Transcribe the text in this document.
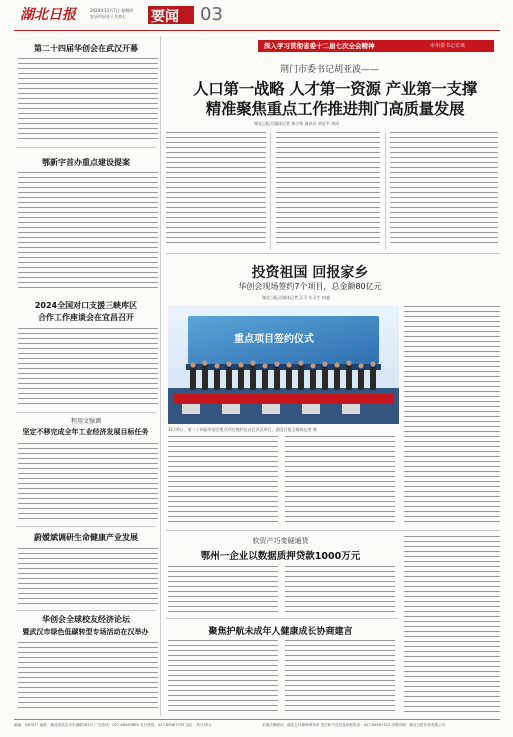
湖北日报	2024年11月7日 星期四
农历甲辰年十月初七 要闻 03
第二十四届华创会在武汉开幕
鄂新宇首办重点建设提案
2024全国对口支援三峡库区
合作工作座谈会在宜昌召开
程用文强调
坚定不移完成全年工业经济发展目标任务
蔚嫒斌调研生命健康产业发展
华创会全球校友经济论坛
暨武汉市绿色低碳转型专场活动在汉举办
深入学习贯彻省委十二届七次全会精神	市州委书记访谈
荆门市委书记胡亚波——
人口第一战略 人才第一资源 产业第一支撑
精准聚焦重点工作推进荆门高质量发展
湖北日报全媒体记者 黄少坤 通讯员 胡亚平 周同
投资祖国 回报家乡
华创会现场签约7个项目，总金额80亿元
湖北日报全媒体记者 汪可 实习生 何澈
重点项目签约仪式
11月6日，第二十四届华创会重点项目签约仪式在武汉举行。湖北日报全媒体记者 摄
软资产巧变硬通货
鄂州一企业以数据质押贷款1000万元
聚焦护航未成年人健康成长协商建言
邮编：430077 地址：湖北省武汉市东湖路181号 广告热线：027-88567889 发行热线：027-88567755 定价：每月35元	本报法律顾问：湖北五环律师事务所 违法和不良信息举报电话：027-88567312 本报印刷：湖北日报印务有限公司
